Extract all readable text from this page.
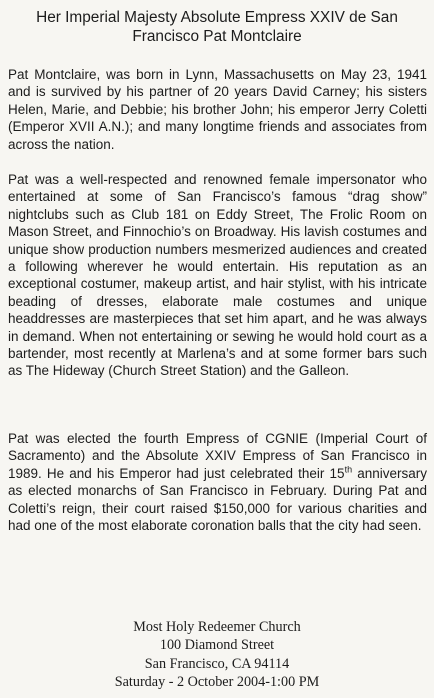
Her Imperial Majesty Absolute Empress XXIV de San
Francisco Pat Montclaire

Pat Montclaire, was born in Lynn, Massachusetts on May 23, 1941 and is survived by his partner of 20 years David Carney; his sisters Helen, Marie, and Debbie; his brother John; his emperor Jerry Coletti (Emperor XVII A.N.); and many longtime friends and associates from across the nation.

Pat was a well-respected and renowned female impersonator who entertained at some of San Francisco’s famous “drag show” nightclubs such as Club 181 on Eddy Street, The Frolic Room on Mason Street, and Finnochio’s on Broadway. His lavish costumes and unique show production numbers mesmerized audiences and created a following wherever he would entertain. His reputation as an exceptional costumer, makeup artist, and hair stylist, with his intricate beading of dresses, elaborate male costumes and unique headdresses are masterpieces that set him apart, and he was always in demand. When not entertaining or sewing he would hold court as a bartender, most recently at Marlena’s and at some former bars such as The Hideway (Church Street Station) and the Galleon.

Pat was elected the fourth Empress of CGNIE (Imperial Court of Sacramento) and the Absolute XXIV Empress of San Francisco in 1989. He and his Emperor had just celebrated their 15th anniversary as elected monarchs of San Francisco in February. During Pat and Coletti’s reign, their court raised $150,000 for various charities and had one of the most elaborate coronation balls that the city had seen.

Most Holy Redeemer Church
100 Diamond Street
San Francisco, CA 94114
Saturday - 2 October 2004-1:00 PM
